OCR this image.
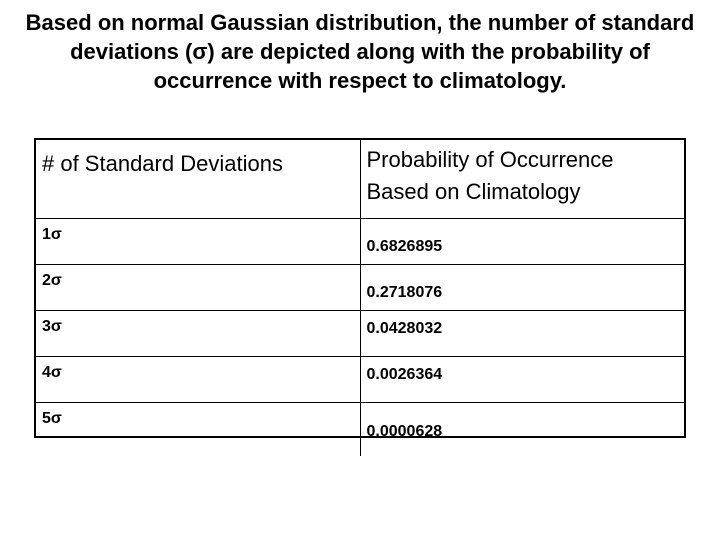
Based on normal Gaussian distribution, the number of standard deviations (σ) are depicted along with the probability of occurrence with respect to climatology.
# of Standard Deviations	Probability of Occurrence Based on Climatology
1σ	0.6826895
2σ	0.2718076
3σ	0.0428032
4σ	0.0026364
5σ	0.0000628
